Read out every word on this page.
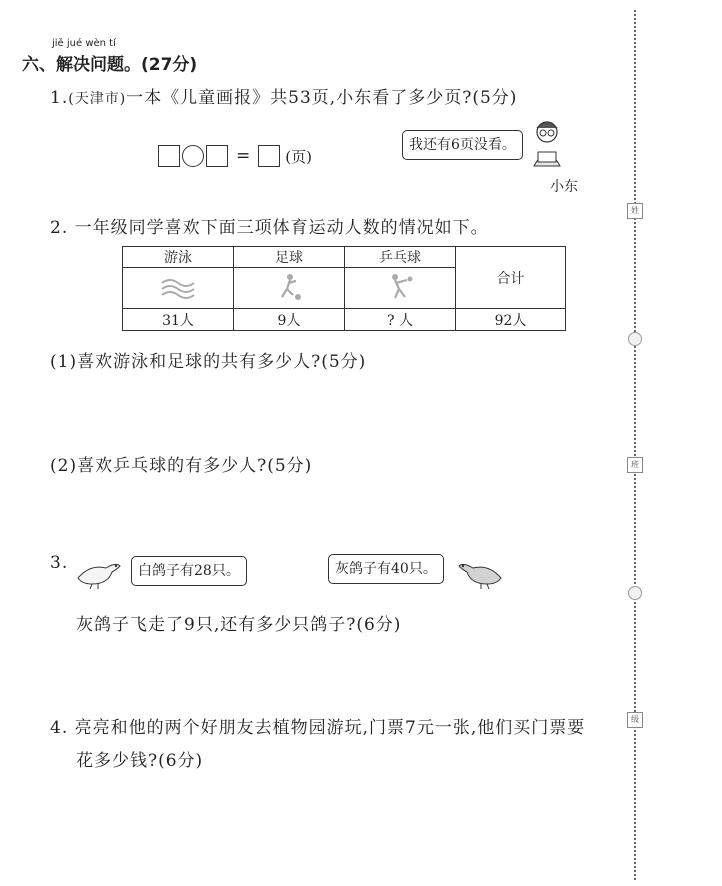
jiě jué wèn tí
六、解决问题。(27分)
1.(天津市)一本《儿童画报》共53页,小东看了多少页?(5分)
= (页)
我还有6页没看。
小东
2. 一年级同学喜欢下面三项体育运动人数的情况如下。
游泳	足球	乒乓球	合计

31人	9人	? 人	92人
(1)喜欢游泳和足球的共有多少人?(5分)
(2)喜欢乒乓球的有多少人?(5分)
3.	白鸽子有28只。	灰鸽子有40只。
灰鸽子飞走了9只,还有多少只鸽子?(6分)
4. 亮亮和他的两个好朋友去植物园游玩,门票7元一张,他们买门票要
花多少钱?(6分)
姓
班
级
